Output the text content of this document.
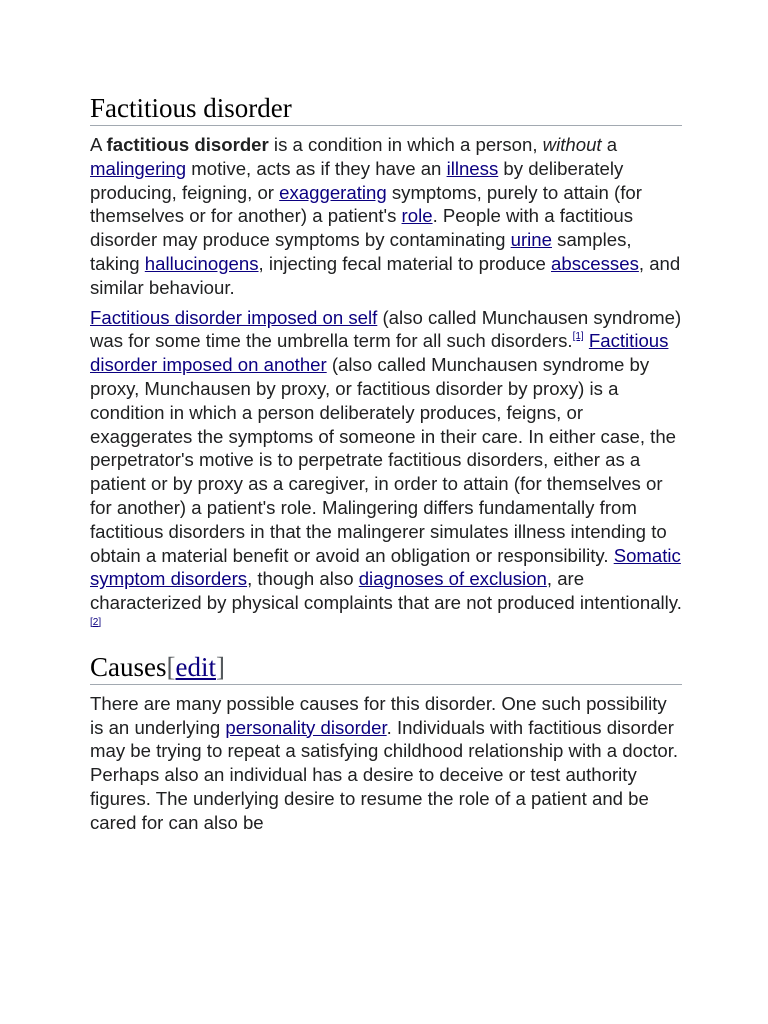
Factitious disorder

A factitious disorder is a condition in which a person, without a malingering motive, acts as if they have an illness by deliberately producing, feigning, or exaggerating symptoms, purely to attain (for themselves or for another) a patient's role. People with a factitious disorder may produce symptoms by contaminating urine samples, taking hallucinogens, injecting fecal material to produce abscesses, and similar behaviour.

Factitious disorder imposed on self (also called Munchausen syndrome) was for some time the umbrella term for all such disorders.[1] Factitious disorder imposed on another (also called Munchausen syndrome by proxy, Munchausen by proxy, or factitious disorder by proxy) is a condition in which a person deliberately produces, feigns, or exaggerates the symptoms of someone in their care. In either case, the perpetrator's motive is to perpetrate factitious disorders, either as a patient or by proxy as a caregiver, in order to attain (for themselves or for another) a patient's role. Malingering differs fundamentally from factitious disorders in that the malingerer simulates illness intending to obtain a material benefit or avoid an obligation or responsibility. Somatic symptom disorders, though also diagnoses of exclusion, are characterized by physical complaints that are not produced intentionally.[2]

Causes[edit]

There are many possible causes for this disorder. One such possibility is an underlying personality disorder. Individuals with factitious disorder may be trying to repeat a satisfying childhood relationship with a doctor. Perhaps also an individual has a desire to deceive or test authority figures. The underlying desire to resume the role of a patient and be cared for can also be
